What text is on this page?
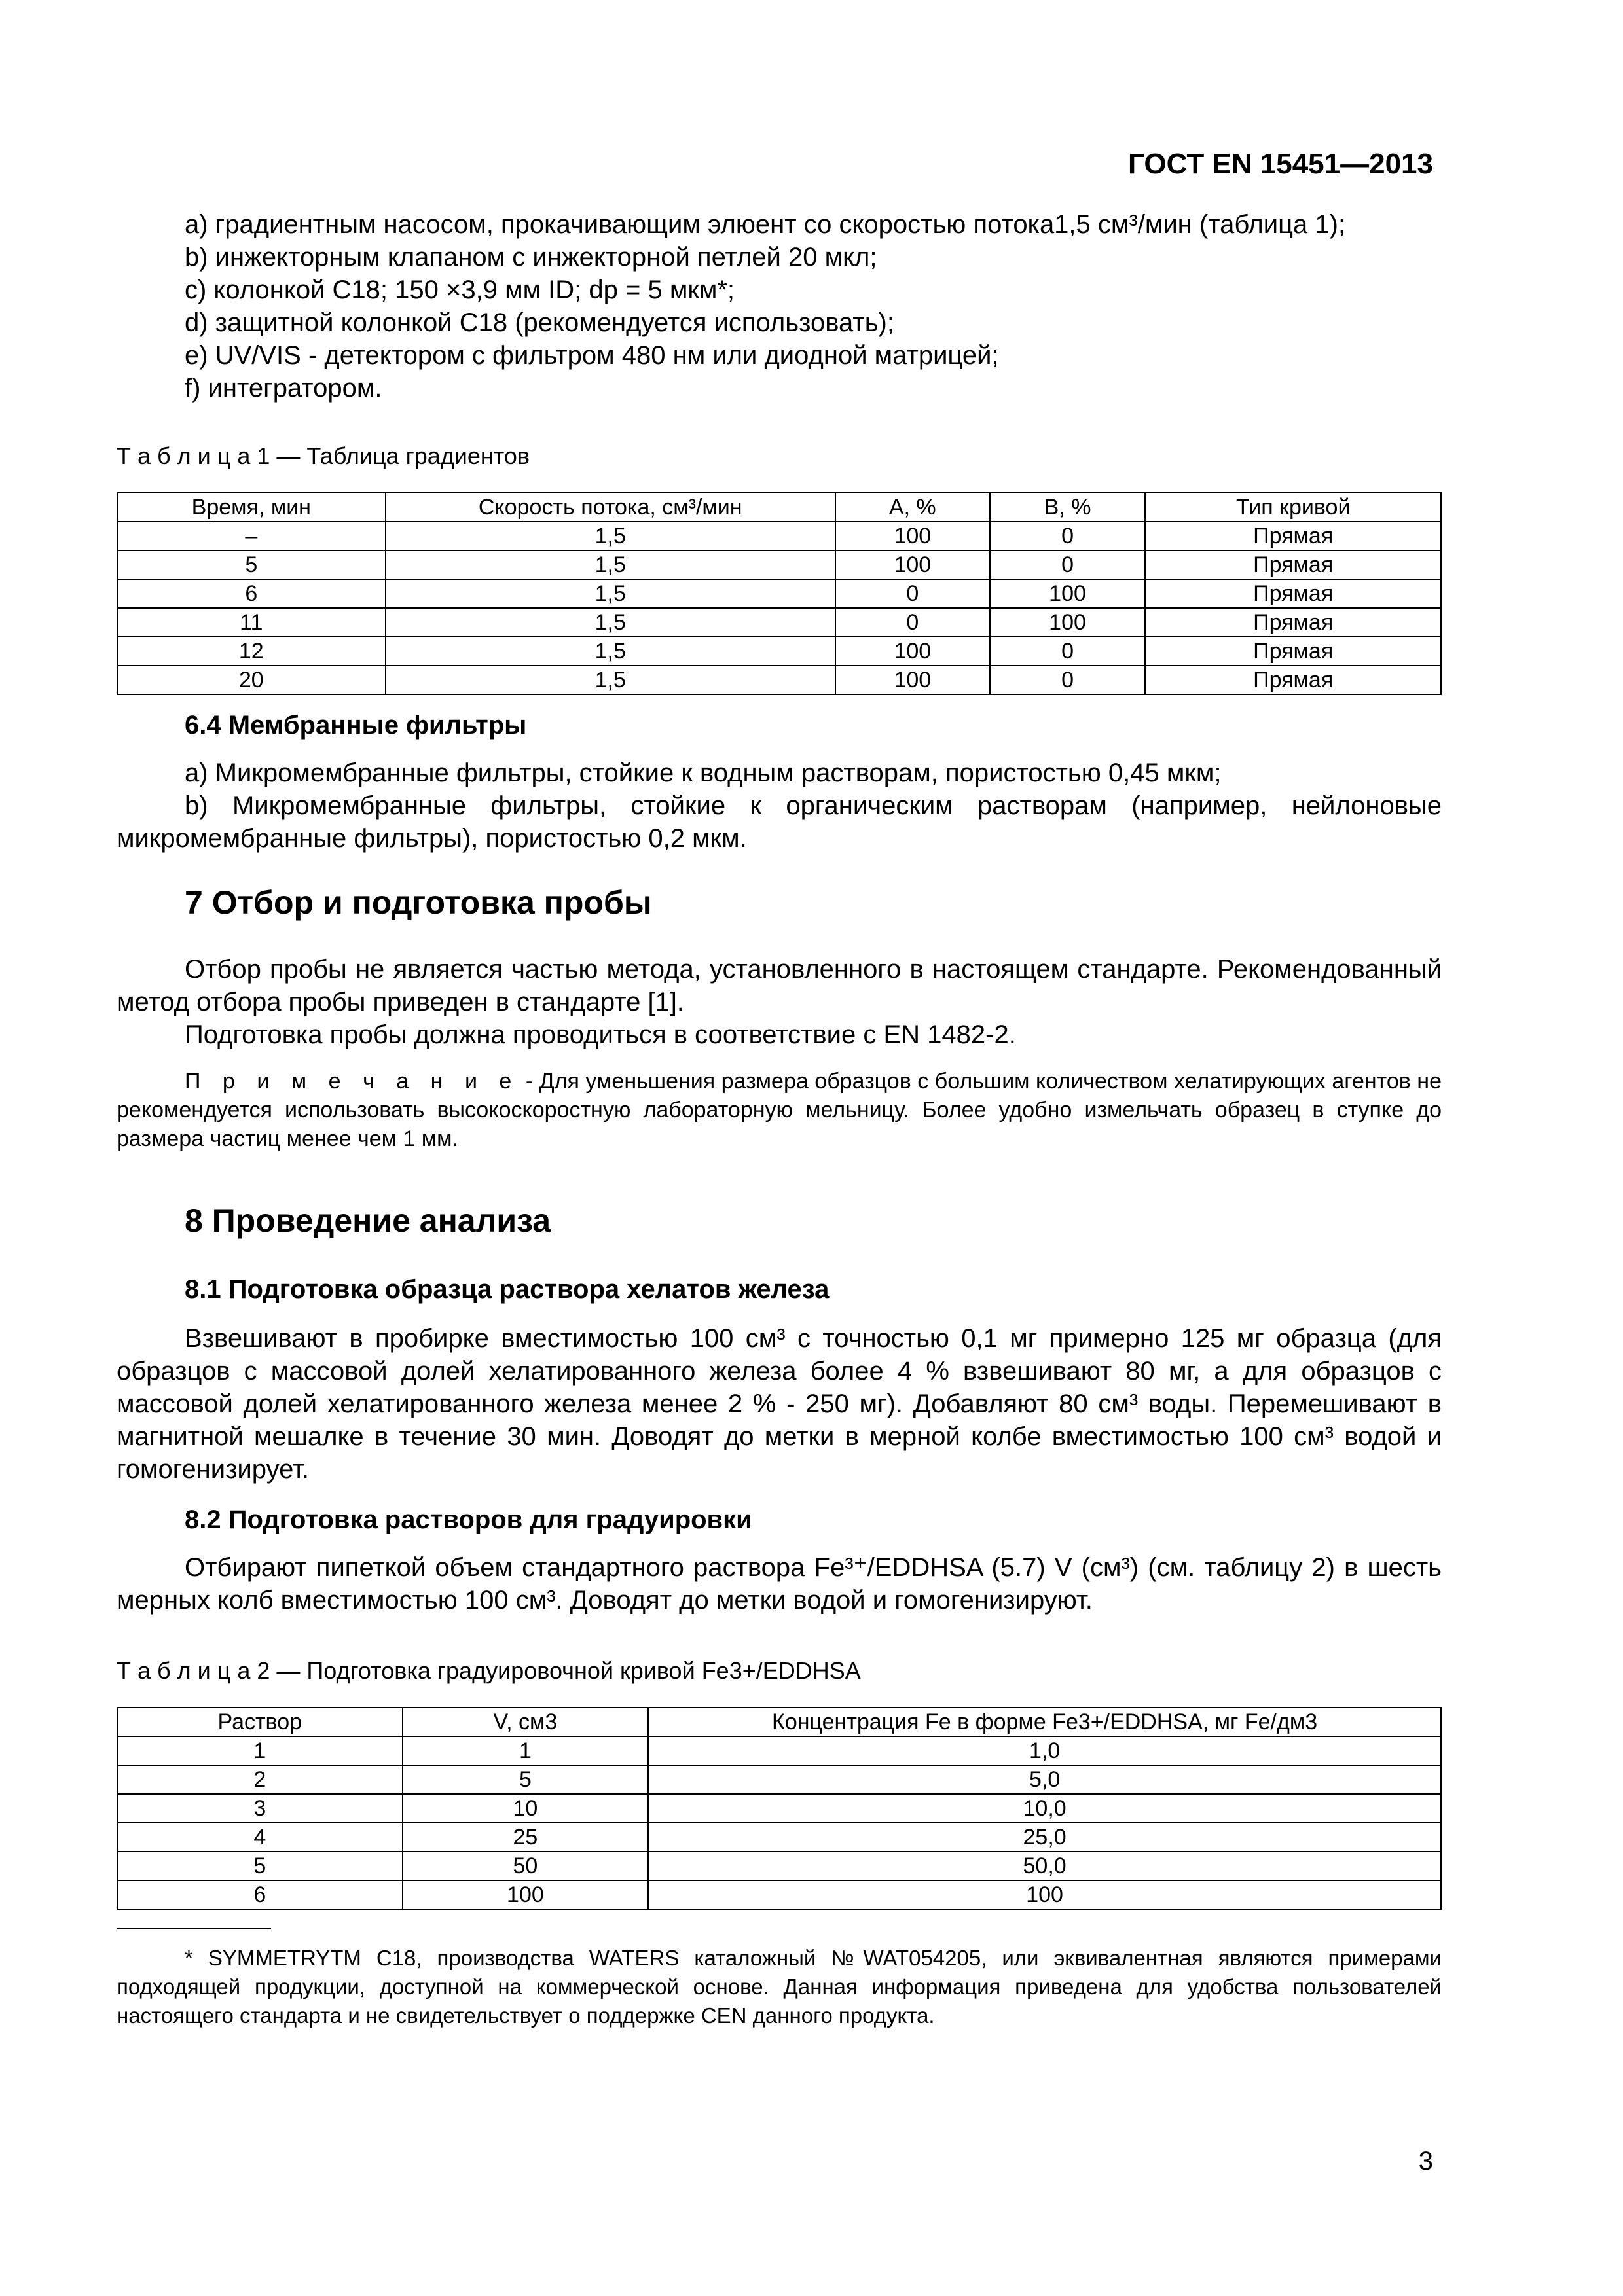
ГОСТ EN 15451—2013
a) градиентным насосом, прокачивающим элюент со скоростью потока1,5 см³/мин (таблица 1);
b) инжекторным клапаном с инжекторной петлей 20 мкл;
c) колонкой С18; 150 ×3,9 мм ID; dp = 5 мкм*;
d) защитной колонкой С18 (рекомендуется использовать);
e) UV/VIS - детектором с фильтром 480 нм или диодной матрицей;
f) интегратором.
Т а б л и ц а 1 — Таблица градиентов
Время, мин	Скорость потока, см³/мин	A, %	B, %	Тип кривой
–	1,5	100	0	Прямая
5	1,5	100	0	Прямая
6	1,5	0	100	Прямая
11	1,5	0	100	Прямая
12	1,5	100	0	Прямая
20	1,5	100	0	Прямая
6.4 Мембранные фильтры
a) Микромембранные фильтры, стойкие к водным растворам, пористостью 0,45 мкм;
b) Микромембранные фильтры, стойкие к органическим растворам (например, нейлоновые микромембранные фильтры), пористостью 0,2 мкм.
7 Отбор и подготовка пробы
Отбор пробы не является частью метода, установленного в настоящем стандарте. Рекомендованный метод отбора пробы приведен в стандарте [1].
Подготовка пробы должна проводиться в соответствие с EN 1482-2.
П р и м е ч а н и е - Для уменьшения размера образцов с большим количеством хелатирующих агентов не рекомендуется использовать высокоскоростную лабораторную мельницу. Более удобно измельчать образец в ступке до размера частиц менее чем 1 мм.
8 Проведение анализа
8.1 Подготовка образца раствора хелатов железа
Взвешивают в пробирке вместимостью 100 см³ с точностью 0,1 мг примерно 125 мг образца (для образцов с массовой долей хелатированного железа более 4 % взвешивают 80 мг, а для образцов с массовой долей хелатированного железа менее 2 % - 250 мг). Добавляют 80 см³ воды. Перемешивают в магнитной мешалке в течение 30 мин. Доводят до метки в мерной колбе вместимостью 100 см³ водой и гомогенизирует.
8.2 Подготовка растворов для градуировки
Отбирают пипеткой объем стандартного раствора Fe³⁺/EDDHSA (5.7) V (см³) (см. таблицу 2) в шесть мерных колб вместимостью 100 см³. Доводят до метки водой и гомогенизируют.
Т а б л и ц а 2 — Подготовка градуировочной кривой Fe3+/EDDHSA
Раствор	V, см3	Концентрация Fe в форме Fe3+/EDDHSA, мг Fe/дм3
1	1	1,0
2	5	5,0
3	10	10,0
4	25	25,0
5	50	50,0
6	100	100
* SYMMETRYTM C18, производства WATERS каталожный №WAT054205, или эквивалентная являются примерами подходящей продукции, доступной на коммерческой основе. Данная информация приведена для удобства пользователей настоящего стандарта и не свидетельствует о поддержке CEN данного продукта.
3
